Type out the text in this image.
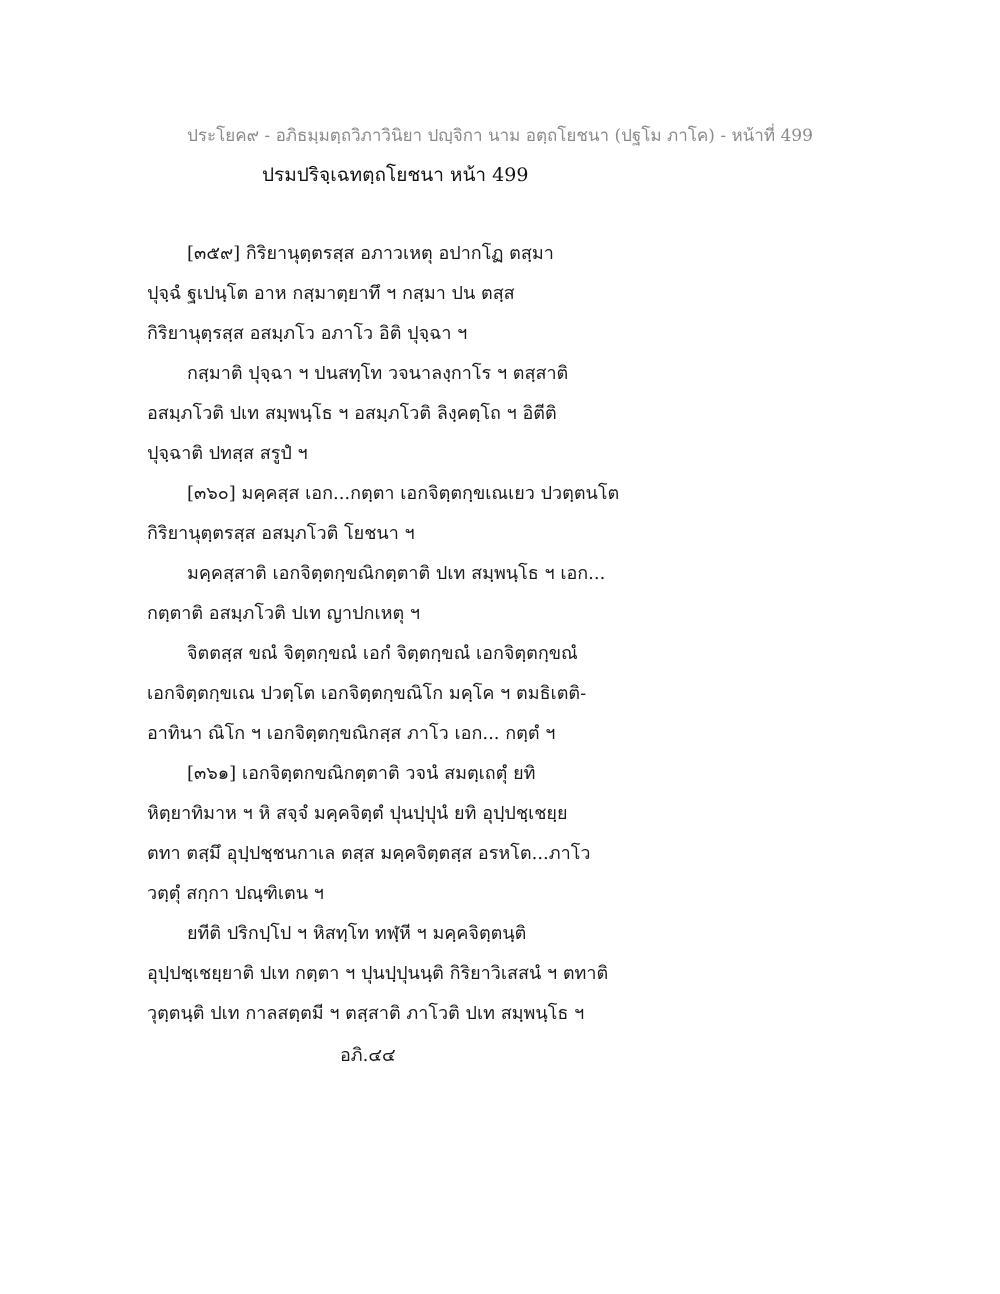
ประโยค๙ - อภิธมฺมตฺถวิภาวินิยา ปญฺจิกา นาม อตฺถโยชนา (ปฐโม ภาโค) - หน้าที่ 499
ปรมปริจฺเฉทตฺถโยชนา หน้า 499
[๓๕๙] กิริยานุตฺตรสฺส อภาวเหตุ อปากโฏ ตสฺมา
ปุจฺฉํ ฐเปนฺโต อาห กสฺมาตฺยาทึ ฯ กสฺมา ปน ตสฺส
กิริยานุตฺรสฺส อสมฺภโว อภาโว อิติ ปุจฺฉา ฯ
กสฺมาติ ปุจฺฉา ฯ ปนสทฺโท วจนาลงฺกาโร ฯ ตสฺสาติ
อสมฺภโวติ ปเท สมฺพนฺโธ ฯ อสมฺภโวติ ลิงฺคตฺโถ ฯ อิตีติ
ปุจฺฉาติ ปทสฺส สรูปํ ฯ
[๓๖๐] มคฺคสฺส เอก...กตฺตา เอกจิตฺตกฺขเณเยว ปวตฺตนโต
กิริยานุตฺตรสฺส อสมฺภโวติ โยชนา ฯ
มคฺคสฺสาติ เอกจิตฺตกฺขณิกตฺตาติ ปเท สมฺพนฺโธ ฯ เอก...
กตฺตาติ อสมฺภโวติ ปเท ญาปกเหตุ ฯ
จิตตสฺส ขณํ จิตฺตกฺขณํ เอกํ จิตฺตกฺขณํ เอกจิตฺตกฺขณํ
เอกจิตฺตกฺขเณ ปวตฺโต เอกจิตฺตกฺขณิโก มคฺโค ฯ ตมธิเตติ-
อาทินา ณิโก ฯ เอกจิตฺตกฺขณิกสฺส ภาโว เอก... กตฺตํ ฯ
[๓๖๑] เอกจิตฺตกขณิกตฺตาติ วจนํ สมตฺเถตุํ ยทิ
หิตฺยาทิมาห ฯ หิ สจฺจํ มคฺคจิตฺตํ ปุนปฺปุนํ ยทิ อุปฺปชฺเชยฺย
ตทา ตสฺมึ อุปฺปชฺชนกาเล ตสฺส มคฺคจิตฺตสฺส อรหโต...ภาโว
วตฺตุํ สกฺกา ปณฺฑิเตน ฯ
ยทีติ ปริกปฺโป ฯ หิสทฺโท ทฬฺหี ฯ มคฺคจิตฺตนฺติ
อุปฺปชฺเชยฺยาติ ปเท กตฺตา ฯ ปุนปฺปุนนฺติ กิริยาวิเสสนํ ฯ ตทาติ
วุตฺตนฺติ ปเท กาลสตฺตมี ฯ ตสฺสาติ ภาโวติ ปเท สมฺพนฺโธ ฯ
อภิ.๔๔
